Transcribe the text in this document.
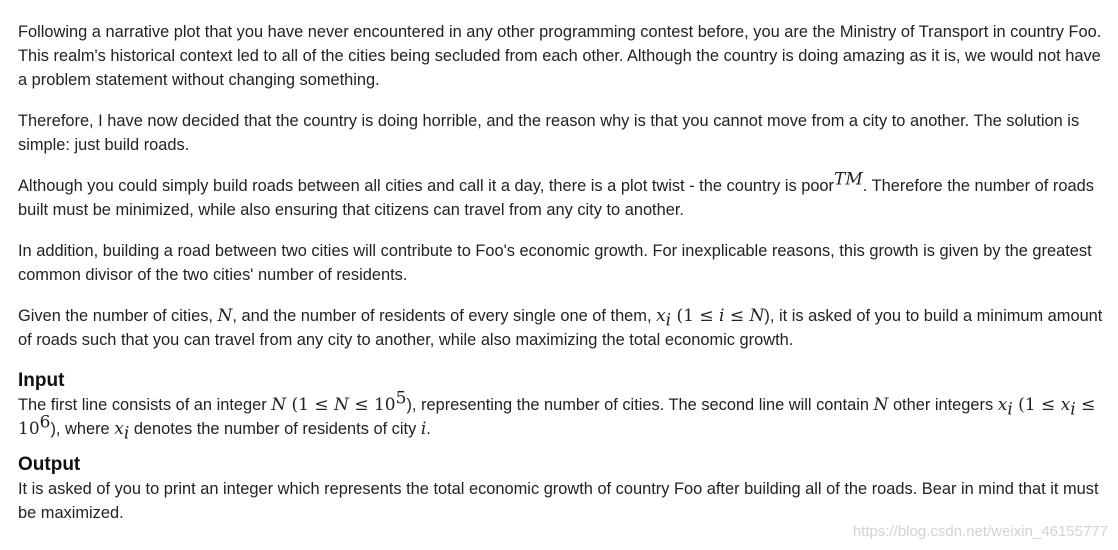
Following a narrative plot that you have never encountered in any other programming contest before, you are the Ministry of Transport in country Foo. This realm's historical context led to all of the cities being secluded from each other. Although the country is doing amazing as it is, we would not have a problem statement without changing something.

Therefore, I have now decided that the country is doing horrible, and the reason why is that you cannot move from a city to another. The solution is simple: just build roads.

Although you could simply build roads between all cities and call it a day, there is a plot twist - the country is poor™. Therefore the number of roads built must be minimized, while also ensuring that citizens can travel from any city to another.

In addition, building a road between two cities will contribute to Foo's economic growth. For inexplicable reasons, this growth is given by the greatest common divisor of the two cities' number of residents.

Given the number of cities, N, and the number of residents of every single one of them, $x_i$ (1 ≤ i ≤ N), it is asked of you to build a minimum amount of roads such that you can travel from any city to another, while also maximizing the total economic growth.

Input

The first line consists of an integer N $(1 \le N \le 10^5)$, representing the number of cities. The second line will contain N other integers $x_i$ $(1 \le x_i \le 10^6)$, where $x_i$ denotes the number of residents of city i.

Output

It is asked of you to print an integer which represents the total economic growth of country Foo after building all of the roads. Bear in mind that it must be maximized.

https://blog.csdn.net/weixin_46155777
